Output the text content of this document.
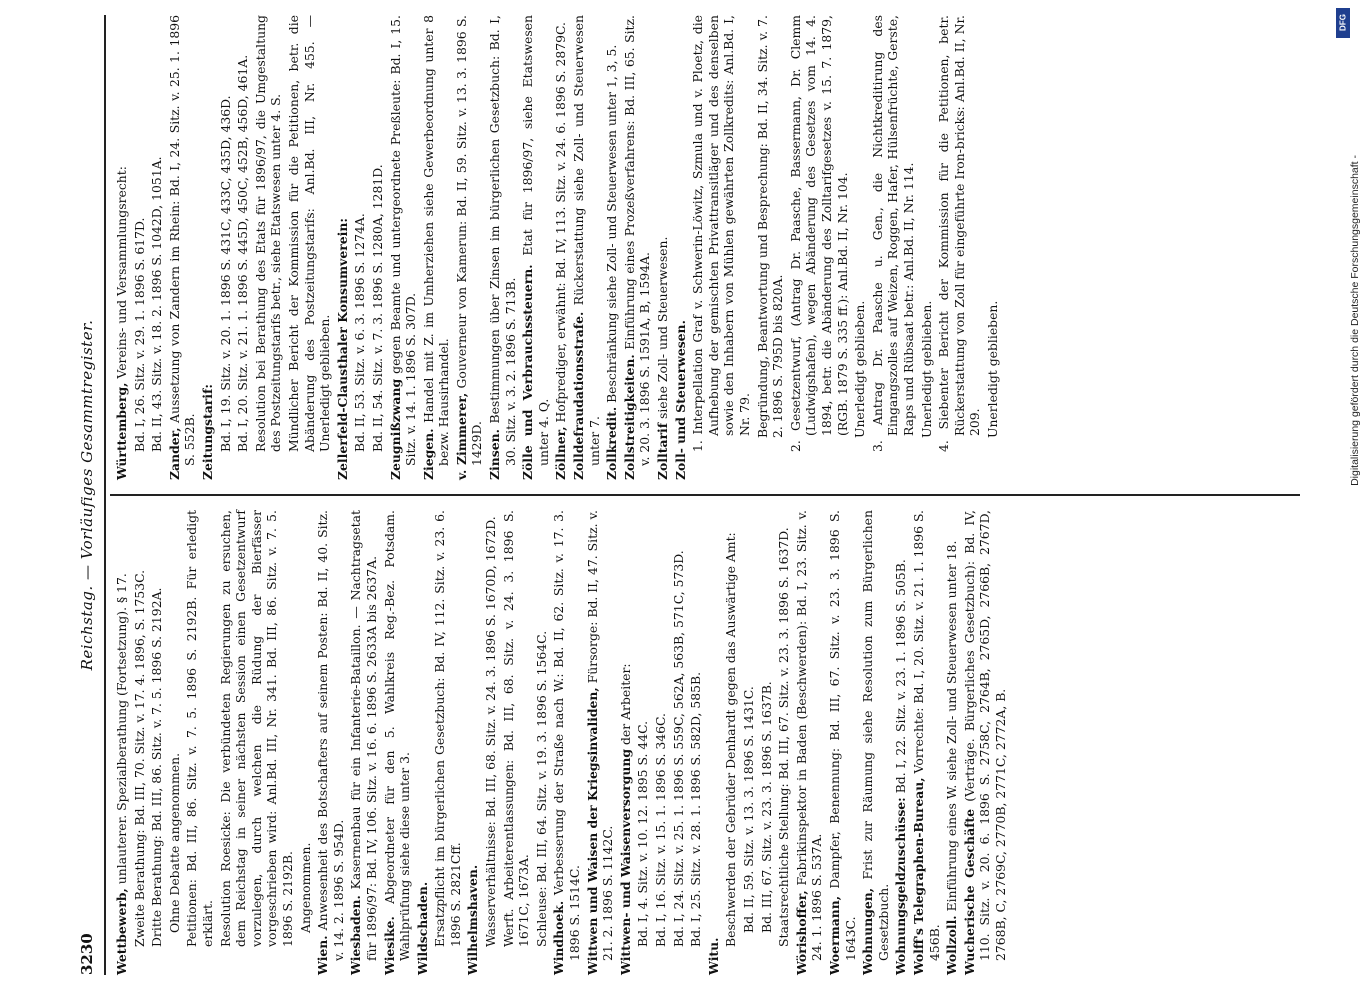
3230
Reichstag. — Vorläufiges Gesammtregister.
Wettbewerb, unlauterer. Spezialberathung (Fortsetzung). § 17. Zweite Berathung: Bd. III, 70. Sitz. v. 17. 4. 1896, S. 1753C. Dritte Berathung: Bd. III, 86. Sitz. v. 7. 5. 1896 S. 2192A. Ohne Debatte angenommen. Petitionen: Bd. III, 86. Sitz. v. 7. 5. 1896 S. 2192B. Für erledigt erklärt. Resolution Roesicke: Die verbündeten Regierungen zu ersuchen, dem Reichstag in seiner nächsten Session einen Gesetzentwurf vorzulegen, durch welchen die Rüdung der Bierfässer vorgeschrieben wird: Anl.Bd. III, Nr. 341. Bd. III, 86. Sitz. v. 7. 5. 1896 S. 2192B. Angenommen.
Wien. Anwesenheit des Botschafters auf seinem Posten: Bd. II, 40. Sitz. v. 14. 2. 1896 S. 954D. Wiesbaden. Kasernenbau für ein Infanterie-Bataillon. — Nachtragsetat für 1896/97: Bd. IV, 106. Sitz. v. 16. 6. 1896 S. 2633A bis 2637A. Wiesike. Abgeordneter für den 5. Wahlkreis Reg.-Bez. Potsdam. Wahlprüfung siehe diese unter 3. Wildschaden. Ersatzpflicht im bürgerlichen Gesetzbuch: Bd. IV, 112. Sitz. v. 23. 6. 1896 S. 2821Cff. Wilhelmshaven. Wasserverhältnisse: Bd. III, 68. Sitz. v. 24. 3. 1896 S. 1670D, 1672D. Werft. Arbeiterentlassungen: Bd. III, 68. Sitz. v. 24. 3. 1896 S. 1671C, 1673A. Schleuse: Bd. III, 64. Sitz. v. 19. 3. 1896 S. 1564C. Windhoek. Verbesserung der Straße nach W.: Bd. II, 62. Sitz. v. 17. 3. 1896 S. 1514C. Wittwen und Waisen der Kriegsinvaliden, Fürsorge: Bd. II, 47. Sitz. v. 21. 2. 1896 S. 1142C. Wittwen- und Waisenversorgung der Arbeiter:
Bd. I, 4. Sitz. v. 10. 12. 1895 S. 44C. Bd. I, 16. Sitz. v. 15. 1. 1896 S. 346C. Bd. I, 24. Sitz. v. 25. 1. 1896 S. 559C, 562A, 563B, 571C, 573D. Bd. I, 25. Sitz. v. 28. 1. 1896 S. 582D, 585B.
Witu.
Beschwerden der Gebrüder Denhardt gegen das Auswärtige Amt: Bd. II, 59. Sitz. v. 13. 3. 1896 S. 1431C. Bd. III, 67. Sitz. v. 23. 3. 1896 S. 1637B. Staatsrechtliche Stellung: Bd. III, 67. Sitz. v. 23. 3. 1896 S. 1637D. Wörishoffer, Fabrikinspektor in Baden (Beschwerden): Bd. I, 23. Sitz. v. 24. 1. 1896 S. 537A. Woermann, Dampfer, Benennung: Bd. III, 67. Sitz. v. 23. 3. 1896 S. 1643C. Wohnungen, Frist zur Räumung siehe Resolution zum Bürgerlichen Gesetzbuch. Wohnungsgeldzuschüsse: Bd. I, 22. Sitz. v. 23. 1. 1896 S. 505B.
Wolff's Telegraphen-Bureau, Vorrechte: Bd. I, 20. Sitz. v. 21. 1. 1896 S. 456B. Wollzoll. Einführung eines W. siehe Zoll- und Steuerwesen unter 18. Wucherische Geschäfte (Verträge. Bürgerliches Gesetzbuch): Bd. IV, 110. Sitz. v. 20. 6. 1896 S. 2758C, 2764B, 2765D, 2766B, 2767D, 2768B, C, 2769C, 2770B, 2771C, 2772A, B.
Württemberg, Vereins- und Versammlungsrecht: Bd. I, 26. Sitz. v. 29. 1. 1896 S. 617D. Bd. II, 43. Sitz. v. 18. 2. 1896 S. 1042D, 1051A.
Zander, Aussetzung von Zandern im Rhein: Bd. I, 24. Sitz. v. 25. 1. 1896 S. 552B. Zeitungstarif: Bd. I, 19. Sitz. v. 20. 1. 1896 S. 431C, 433C, 435D, 436D. Bd. I, 20. Sitz. v. 21. 1. 1896 S. 445D, 450C, 452B, 456D, 461A. Resolution bei Berathung des Etats für 1896/97, die Umgestaltung des Postzeitungstarifs betr., siehe Etatswesen unter 4. S. Mündlicher Bericht der Kommission für die Petitionen, betr. die Abänderung des Postzeitungstarifs: Anl.Bd. III, Nr. 455. — Unerledigt geblieben. Zellerfeld-Clausthaler Konsumverein: Bd. II, 53. Sitz. v. 6. 3. 1896 S. 1274A. Bd. II, 54. Sitz. v. 7. 3. 1896 S. 1280A, 1281D. Zeugnißzwang gegen Beamte und untergeordnete Preßleute: Bd. I, 15. Sitz. v. 14. 1. 1896 S. 307D. Ziegen. Handel mit Z. im Umherziehen siehe Gewerbeordnung unter 8 bezw. Hausirhandel. v. Zimmerer, Gouverneur von Kamerun: Bd. II, 59. Sitz. v. 13. 3. 1896 S. 1429D. Zinsen. Bestimmungen über Zinsen im bürgerlichen Gesetzbuch: Bd. I, 30. Sitz. v. 3. 2. 1896 S. 713B. Zölle und Verbrauchssteuern. Etat für 1896/97, siehe Etatswesen unter 4. Q. Zöllner, Hofprediger, erwähnt: Bd. IV, 113. Sitz. v. 24. 6. 1896 S. 2879C. Zolldefraudationsstrafe. Rückerstattung siehe Zoll- und Steuerwesen unter 7. Zollkredit. Beschränkung siehe Zoll- und Steuerwesen unter 1, 3, 5.
Zollstreitigkeiten. Einführung eines Prozeßverfahrens: Bd. III, 65. Sitz. v. 20. 3. 1896 S. 1591A, B, 1594A. Zolltarif siehe Zoll- und Steuerwesen. Zoll- und Steuerwesen. 1. Interpellation Graf v. Schwerin-Löwitz, Szmula und v. Ploetz, die Aufhebung der gemischten Privattransitläger und des denselben sowie den Inhabern von Mühlen gewährten Zollkredits: Anl.Bd. I, Nr. 79. Begründung, Beantwortung und Besprechung: Bd. II, 34. Sitz. v. 7. 2. 1896 S. 795D bis 820A. 2. Gesetzentwurf, (Antrag Dr. Paasche, Bassermann, Dr. Clemm (Ludwigshafen), wegen Abänderung des Gesetzes vom 14. 4. 1894, betr. die Abänderung des Zolltarifgesetzes v. 15. 7. 1879, (RGB. 1879 S. 335 ff.): Anl.Bd. II, Nr. 104. Unerledigt geblieben. 3. Antrag Dr. Paasche u. Gen., die Nichtkreditirung des Eingangszolles auf Weizen, Roggen, Hafer, Hülsenfrüchte, Gerste, Raps und Rübsaat betr.: Anl.Bd. II, Nr. 114. Unerledigt geblieben. 4. Siebenter Bericht der Kommission für die Petitionen, betr. Rückerstattung von Zoll für eingeführte Iron-bricks: Anl.Bd. II, Nr. 209. Unerledigt geblieben.	Digitalisierung gefördert durch die Deutsche Forschungsgemeinschaft -
DFG
